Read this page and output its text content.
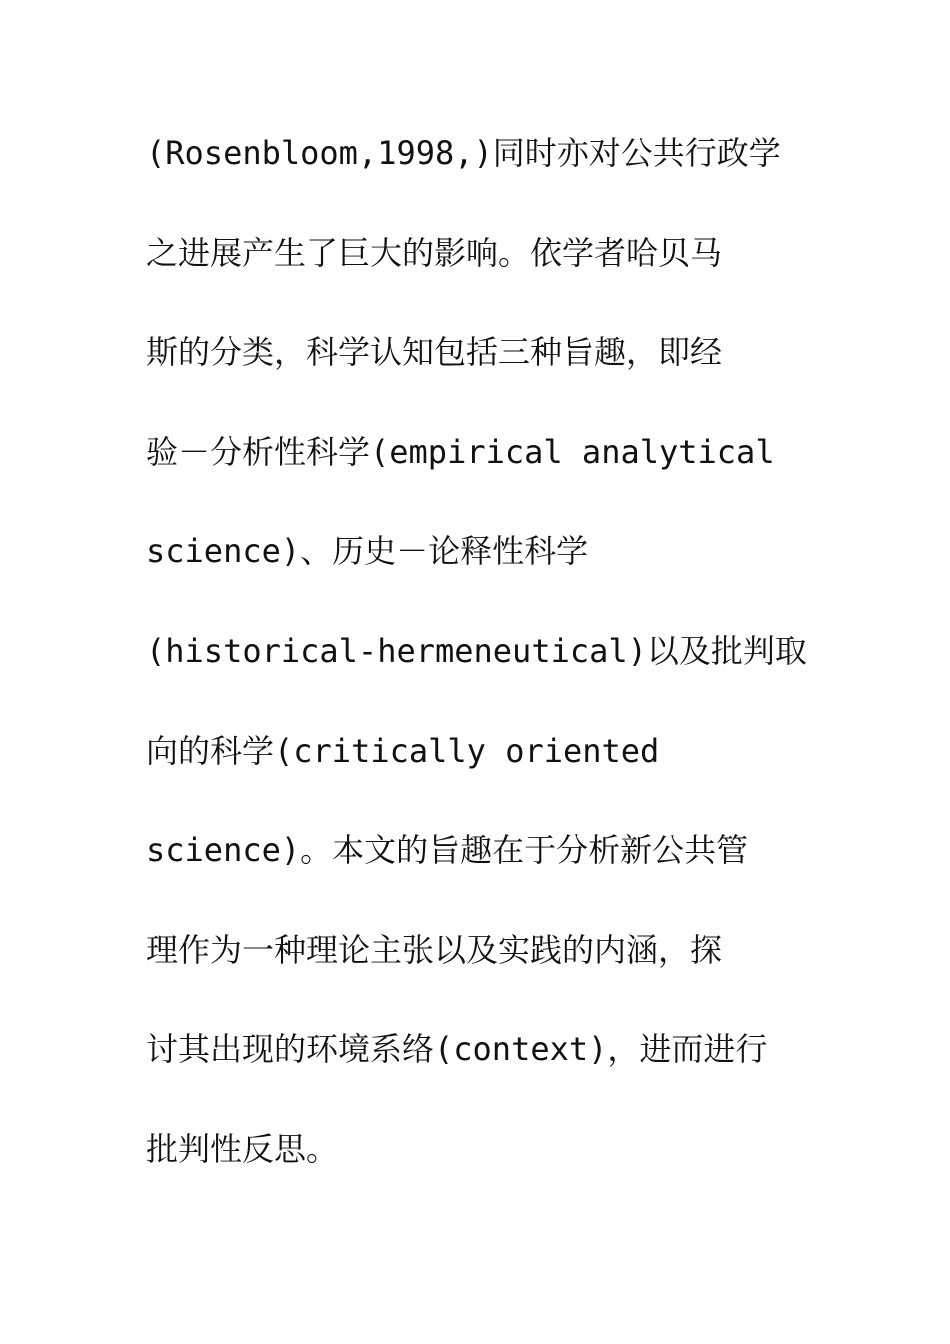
(Rosenbloom,1998,)同时亦对公共行政学
之进展产生了巨大的影响。依学者哈贝马
斯的分类，科学认知包括三种旨趣，即经
验－分析性科学(empirical analytical
science)、历史－论释性科学
(historical-hermeneutical)以及批判取
向的科学(critically oriented
science)。本文的旨趣在于分析新公共管
理作为一种理论主张以及实践的内涵，探
讨其出现的环境系络(context)，进而进行
批判性反思。
